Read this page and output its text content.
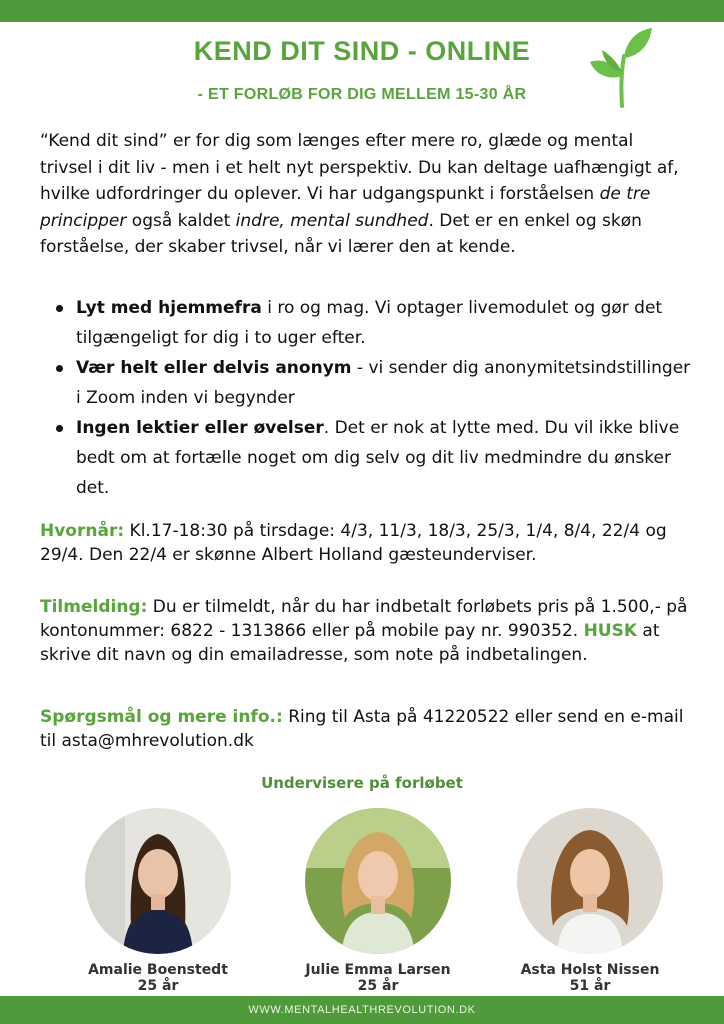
KEND DIT SIND - ONLINE
- ET FORLØB FOR DIG MELLEM 15-30 ÅR
“Kend dit sind” er for dig som længes efter mere ro, glæde og mental trivsel i dit liv - men i et helt nyt perspektiv. Du kan deltage uafhængigt af, hvilke udfordringer du oplever. Vi har udgangspunkt i forståelsen de tre principper også kaldet indre, mental sundhed. Det er en enkel og skøn forståelse, der skaber trivsel, når vi lærer den at kende.
Lyt med hjemmefra i ro og mag. Vi optager livemodulet og gør det tilgængeligt for dig i to uger efter.
Vær helt eller delvis anonym - vi sender dig anonymitetsindstillinger i Zoom inden vi begynder
Ingen lektier eller øvelser. Det er nok at lytte med. Du vil ikke blive bedt om at fortælle noget om dig selv og dit liv medmindre du ønsker det.
Hvornår: Kl.17-18:30 på tirsdage: 4/3, 11/3, 18/3, 25/3, 1/4, 8/4, 22/4 og 29/4. Den 22/4 er skønne Albert Holland gæsteunderviser.
Tilmelding: Du er tilmeldt, når du har indbetalt forløbets pris på 1.500,- på kontonummer: 6822 - 1313866 eller på mobile pay nr. 990352. HUSK at skrive dit navn og din emailadresse, som note på indbetalingen.
Spørgsmål og mere info.: Ring til Asta på 41220522 eller send en e-mail til asta@mhrevolution.dk
Undervisere på forløbet
Amalie Boenstedt
25 år
Julie Emma Larsen
25 år
Asta Holst Nissen
51 år
WWW.MENTALHEALTHREVOLUTION.DK
